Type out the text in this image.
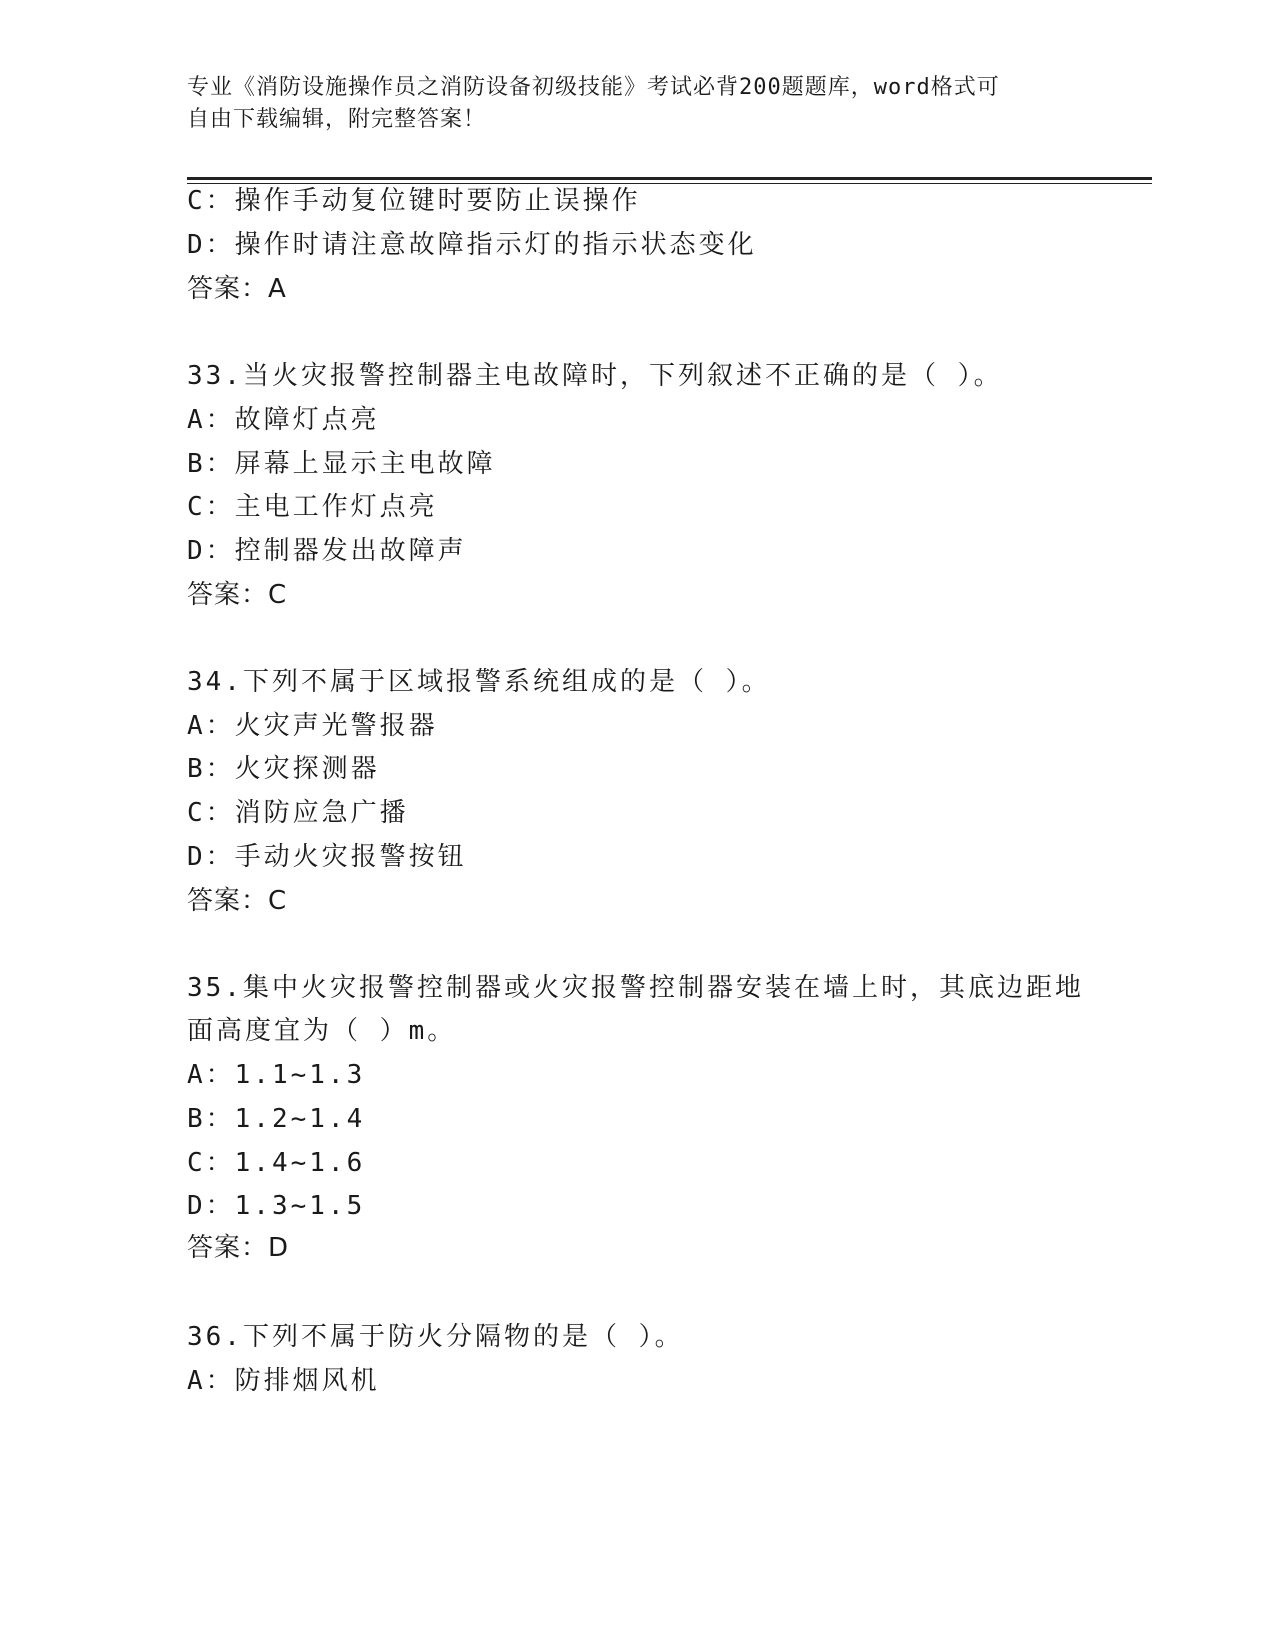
专业《消防设施操作员之消防设备初级技能》考试必背200题题库，word格式可
自由下载编辑，附完整答案！
C：操作手动复位键时要防止误操作
D：操作时请注意故障指示灯的指示状态变化
答案：A
33.当火灾报警控制器主电故障时，下列叙述不正确的是（ ）。
A：故障灯点亮
B：屏幕上显示主电故障
C：主电工作灯点亮
D：控制器发出故障声
答案：C
34.下列不属于区域报警系统组成的是（ ）。
A：火灾声光警报器
B：火灾探测器
C：消防应急广播
D：手动火灾报警按钮
答案：C
35.集中火灾报警控制器或火灾报警控制器安装在墙上时，其底边距地
面高度宜为（ ）m。
A：1.1~1.3
B：1.2~1.4
C：1.4~1.6
D：1.3~1.5
答案：D
36.下列不属于防火分隔物的是（ ）。
A：防排烟风机
